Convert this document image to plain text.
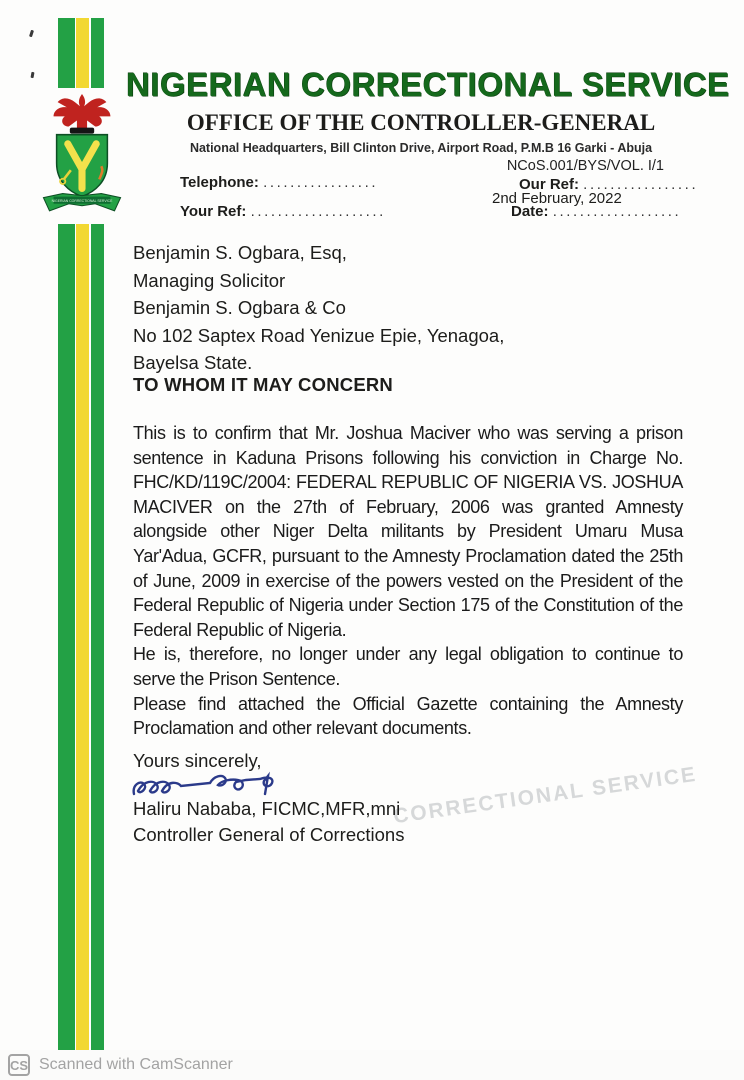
NIGERIAN CORRECTIONAL SERVICE
NIGERIAN CORRECTIONAL SERVICE
OFFICE OF THE CONTROLLER-GENERAL
National Headquarters, Bill Clinton Drive, Airport Road, P.M.B 16 Garki - Abuja
NCoS.001/BYS/VOL. I/1
Telephone: .................
Your Ref: ....................
Our Ref: .................
2nd February, 2022
Date: ...................
Benjamin S. Ogbara, Esq,
Managing Solicitor
Benjamin S. Ogbara & Co
No 102 Saptex Road Yenizue Epie, Yenagoa,
Bayelsa State.
TO WHOM IT MAY CONCERN

This is to confirm that Mr. Joshua Maciver who was serving a prison sentence in Kaduna Prisons following his conviction in Charge No. FHC/KD/119C/2004: FEDERAL REPUBLIC OF NIGERIA VS. JOSHUA MACIVER on the 27th of February, 2006 was granted Amnesty alongside other Niger Delta militants by President Umaru Musa Yar'Adua, GCFR, pursuant to the Amnesty Proclamation dated the 25th of June, 2009 in exercise of the powers vested on the President of the Federal Republic of Nigeria under Section 175 of the Constitution of the Federal Republic of Nigeria.

He is, therefore, no longer under any legal obligation to continue to serve the Prison Sentence.

Please find attached the Official Gazette containing the Amnesty Proclamation and other relevant documents.

CORRECTIONAL SERVICE
Yours sincerely,
Haliru Nababa, FICMC,MFR,mni
Controller General of Corrections
CS Scanned with CamScanner
